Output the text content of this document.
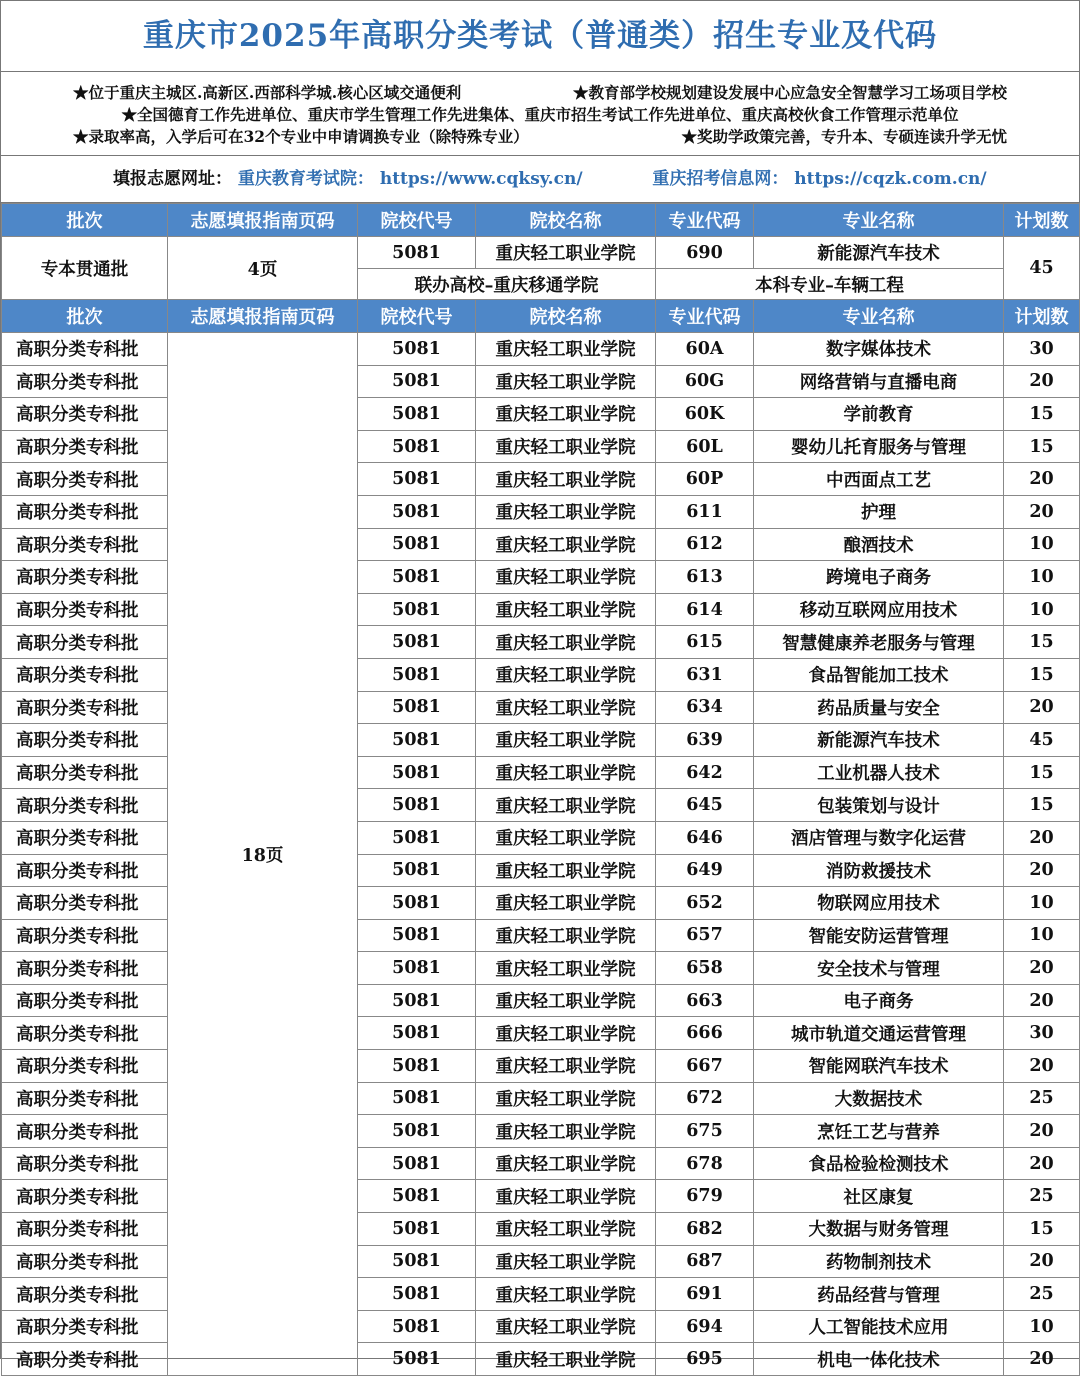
重庆市2025年高职分类考试（普通类）招生专业及代码
★位于重庆主城区.高新区.西部科学城.核心区域交通便利	★教育部学校规划建设发展中心应急安全智慧学习工场项目学校
★全国德育工作先进单位、重庆市学生管理工作先进集体、重庆市招生考试工作先进单位、重庆高校伙食工作管理示范单位
★录取率高，入学后可在32个专业中申请调换专业（除特殊专业）	★奖助学政策完善，专升本、专硕连读升学无忧
填报志愿网址： 重庆教育考试院： https://www.cqksy.cn/	重庆招考信息网： https://cqzk.com.cn/
批次	志愿填报指南页码	院校代号	院校名称	专业代码	专业名称	计划数
专本贯通批	4页	5081	重庆轻工职业学院	690	新能源汽车技术	45
		联办高校–重庆移通学院		本科专业–车辆工程		
批次	志愿填报指南页码	院校代号	院校名称	专业代码	专业名称	计划数
高职分类专科批	18页	5081	重庆轻工职业学院	60A	数字媒体技术	30
高职分类专科批		5081	重庆轻工职业学院	60G	网络营销与直播电商	20
高职分类专科批		5081	重庆轻工职业学院	60K	学前教育	15
高职分类专科批		5081	重庆轻工职业学院	60L	婴幼儿托育服务与管理	15
高职分类专科批		5081	重庆轻工职业学院	60P	中西面点工艺	20
高职分类专科批		5081	重庆轻工职业学院	611	护理	20
高职分类专科批		5081	重庆轻工职业学院	612	酿酒技术	10
高职分类专科批		5081	重庆轻工职业学院	613	跨境电子商务	10
高职分类专科批		5081	重庆轻工职业学院	614	移动互联网应用技术	10
高职分类专科批		5081	重庆轻工职业学院	615	智慧健康养老服务与管理	15
高职分类专科批		5081	重庆轻工职业学院	631	食品智能加工技术	15
高职分类专科批		5081	重庆轻工职业学院	634	药品质量与安全	20
高职分类专科批		5081	重庆轻工职业学院	639	新能源汽车技术	45
高职分类专科批		5081	重庆轻工职业学院	642	工业机器人技术	15
高职分类专科批		5081	重庆轻工职业学院	645	包装策划与设计	15
高职分类专科批		5081	重庆轻工职业学院	646	酒店管理与数字化运营	20
高职分类专科批		5081	重庆轻工职业学院	649	消防救援技术	20
高职分类专科批		5081	重庆轻工职业学院	652	物联网应用技术	10
高职分类专科批		5081	重庆轻工职业学院	657	智能安防运营管理	10
高职分类专科批		5081	重庆轻工职业学院	658	安全技术与管理	20
高职分类专科批		5081	重庆轻工职业学院	663	电子商务	20
高职分类专科批		5081	重庆轻工职业学院	666	城市轨道交通运营管理	30
高职分类专科批		5081	重庆轻工职业学院	667	智能网联汽车技术	20
高职分类专科批		5081	重庆轻工职业学院	672	大数据技术	25
高职分类专科批		5081	重庆轻工职业学院	675	烹饪工艺与营养	20
高职分类专科批		5081	重庆轻工职业学院	678	食品检验检测技术	20
高职分类专科批		5081	重庆轻工职业学院	679	社区康复	25
高职分类专科批		5081	重庆轻工职业学院	682	大数据与财务管理	15
高职分类专科批		5081	重庆轻工职业学院	687	药物制剂技术	20
高职分类专科批		5081	重庆轻工职业学院	691	药品经营与管理	25
高职分类专科批		5081	重庆轻工职业学院	694	人工智能技术应用	10
高职分类专科批		5081	重庆轻工职业学院	695	机电一体化技术	20
